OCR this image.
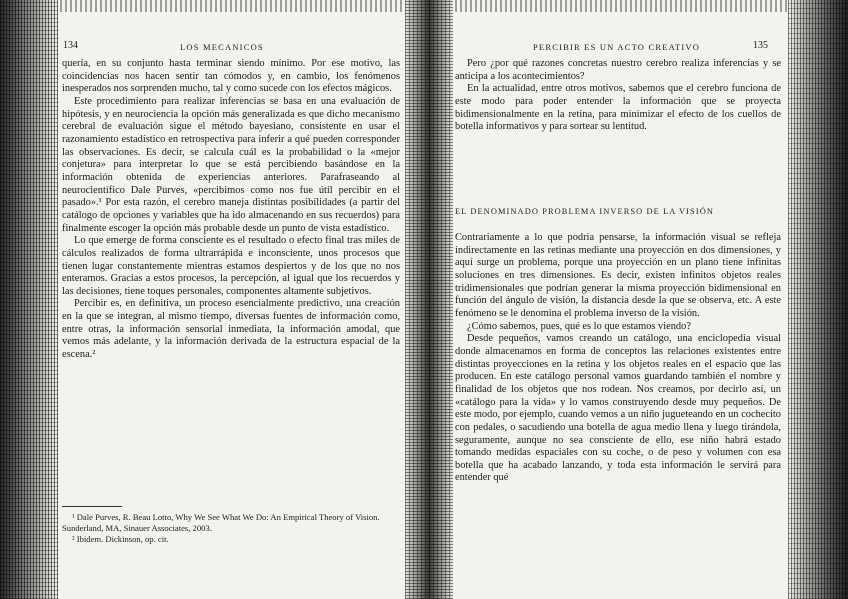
134	LOS MECANICOS

quería, en su conjunto hasta terminar siendo mínimo. Por ese motivo, las coincidencias nos hacen sentir tan cómodos y, en cambio, los fenómenos inesperados nos sorprenden mucho, tal y como sucede con los efectos mágicos.

Este procedimiento para realizar inferencias se basa en una evaluación de hipótesis, y en neurociencia la opción más generalizada es que dicho mecanismo cerebral de evaluación sigue el método bayesiano, consistente en usar el razonamiento estadístico en retrospectiva para inferir a qué pueden corresponder las observaciones. Es decir, se calcula cuál es la probabilidad o la «mejor conjetura» para interpretar lo que se está percibiendo basándose en la información obtenida de experiencias anteriores. Parafraseando al neurocientífico Dale Purves, «percibimos como nos fue útil percibir en el pasado».¹ Por esta razón, el cerebro maneja distintas posibilidades (a partir del catálogo de opciones y variables que ha ido almacenando en sus recuerdos) para finalmente escoger la opción más probable desde un punto de vista estadístico.

Lo que emerge de forma consciente es el resultado o efecto final tras miles de cálculos realizados de forma ultrarrápida e inconsciente, unos procesos que tienen lugar constantemente mientras estamos despiertos y de los que no nos enteramos. Gracias a estos procesos, la percepción, al igual que los recuerdos y las decisiones, tiene toques personales, componentes altamente subjetivos.

Percibir es, en definitiva, un proceso esencialmente predictivo, una creación en la que se integran, al mismo tiempo, diversas fuentes de información como, entre otras, la información sensorial inmediata, la información amodal, que vemos más adelante, y la información derivada de la estructura espacial de la escena.²

¹ Dale Purves, R. Beau Lotto, Why We See What We Do: An Empirical Theory of Vision. Sunderland, MA, Sinauer Associates, 2003.

² Ibidem. Dickinson, op. cit.

PERCIBIR ES UN ACTO CREATIVO	135

Pero ¿por qué razones concretas nuestro cerebro realiza inferencias y se anticipa a los acontecimientos?

En la actualidad, entre otros motivos, sabemos que el cerebro funciona de este modo para poder entender la información que se proyecta bidimensionalmente en la retina, para minimizar el efecto de los cuellos de botella informativos y para sortear su lentitud.

EL DENOMINADO PROBLEMA INVERSO DE LA VISIÓN

Contrariamente a lo que podría pensarse, la información visual se refleja indirectamente en las retinas mediante una proyección en dos dimensiones, y aquí surge un problema, porque una proyección en un plano tiene infinitas soluciones en tres dimensiones. Es decir, existen infinitos objetos reales tridimensionales que podrían generar la misma proyección bidimensional en función del ángulo de visión, la distancia desde la que se observa, etc. A este fenómeno se le denomina el problema inverso de la visión.

¿Cómo sabemos, pues, qué es lo que estamos viendo?

Desde pequeños, vamos creando un catálogo, una enciclopedia visual donde almacenamos en forma de conceptos las relaciones existentes entre distintas proyecciones en la retina y los objetos reales en el espacio que las producen. En este catálogo personal vamos guardando también el nombre y finalidad de los objetos que nos rodean. Nos creamos, por decirlo así, un «catálogo para la vida» y lo vamos construyendo desde muy pequeños. De este modo, por ejemplo, cuando vemos a un niño jugueteando en un cochecito con pedales, o sacudiendo una botella de agua medio llena y luego tirándola, seguramente, aunque no sea consciente de ello, ese niño habrá estado tomando medidas espaciales con su coche, o de peso y volumen con esa botella que ha acabado lanzando, y toda esta información le servirá para entender qué
